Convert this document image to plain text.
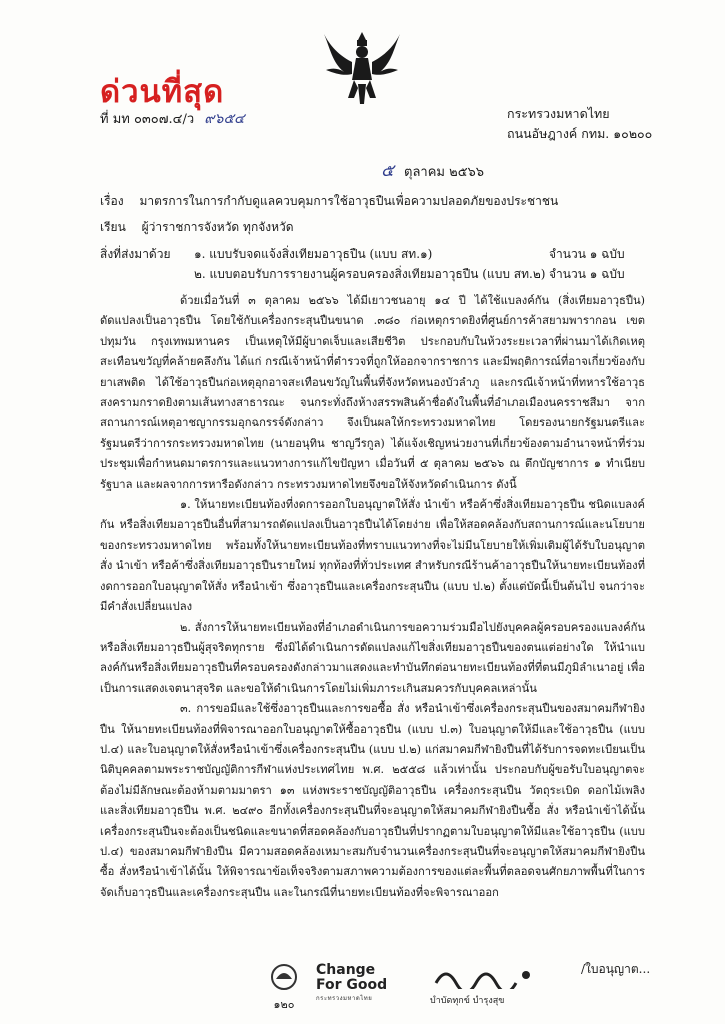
ด่วนที่สุด
ที่ มท ๐๓๐๗.๔/ว ๙๖๕๔	กระทรวงมหาดไทย
ถนนอัษฎางค์ กทม. ๑๐๒๐๐
๕ ตุลาคม ๒๕๖๖
เรื่อง มาตรการในการกำกับดูแลควบคุมการใช้อาวุธปืนเพื่อความปลอดภัยของประชาชน
เรียน ผู้ว่าราชการจังหวัด ทุกจังหวัด
สิ่งที่ส่งมาด้วย ๑. แบบรับจดแจ้งสิ่งเทียมอาวุธปืน (แบบ สท.๑)	จำนวน ๑ ฉบับ
๒. แบบตอบรับการรายงานผู้ครอบครองสิ่งเทียมอาวุธปืน (แบบ สท.๒) จำนวน ๑ ฉบับ

ด้วยเมื่อวันที่ ๓ ตุลาคม ๒๕๖๖ ได้มีเยาวชนอายุ ๑๔ ปี ได้ใช้แบลงค์กัน (สิ่งเทียมอาวุธปืน) ดัดแปลงเป็นอาวุธปืน โดยใช้กับเครื่องกระสุนปืนขนาด .๓๘๐ ก่อเหตุกราดยิงที่ศูนย์การค้าสยามพารากอน เขตปทุมวัน กรุงเทพมหานคร เป็นเหตุให้มีผู้บาดเจ็บและเสียชีวิต ประกอบกับในห้วงระยะเวลาที่ผ่านมาได้เกิดเหตุสะเทือนขวัญที่คล้ายคลึงกัน ได้แก่ กรณีเจ้าหน้าที่ตำรวจที่ถูกให้ออกจากราชการ และมีพฤติการณ์ที่อาจเกี่ยวข้องกับยาเสพติด ได้ใช้อาวุธปืนก่อเหตุอุกอาจสะเทือนขวัญในพื้นที่จังหวัดหนองบัวลำภู และกรณีเจ้าหน้าที่ทหารใช้อาวุธสงครามกราดยิงตามเส้นทางสาธารณะ จนกระทั่งถึงห้างสรรพสินค้าชื่อดังในพื้นที่อำเภอเมืองนครราชสีมา จากสถานการณ์เหตุอาชญากรรมอุกฉกรรจ์ดังกล่าว จึงเป็นผลให้กระทรวงมหาดไทย โดยรองนายกรัฐมนตรีและรัฐมนตรีว่าการกระทรวงมหาดไทย (นายอนุทิน ชาญวีรกูล) ได้แจ้งเชิญหน่วยงานที่เกี่ยวข้องตามอำนาจหน้าที่ร่วมประชุมเพื่อกำหนดมาตรการและแนวทางการแก้ไขปัญหา เมื่อวันที่ ๕ ตุลาคม ๒๕๖๖ ณ ตึกบัญชาการ ๑ ทำเนียบรัฐบาล และผลจากการหารือดังกล่าว กระทรวงมหาดไทยจึงขอให้จังหวัดดำเนินการ ดังนี้

๑. ให้นายทะเบียนท้องที่งดการออกใบอนุญาตให้สั่ง นำเข้า หรือค้าซึ่งสิ่งเทียมอาวุธปืน ชนิดแบลงค์กัน หรือสิ่งเทียมอาวุธปืนอื่นที่สามารถดัดแปลงเป็นอาวุธปืนได้โดยง่าย เพื่อให้สอดคล้องกับสถานการณ์และนโยบายของกระทรวงมหาดไทย พร้อมทั้งให้นายทะเบียนท้องที่ทราบแนวทางที่จะไม่มีนโยบายให้เพิ่มเติมผู้ได้รับใบอนุญาต สั่ง นำเข้า หรือค้าซึ่งสิ่งเทียมอาวุธปืนรายใหม่ ทุกท้องที่ทั่วประเทศ สำหรับกรณีร้านค้าอาวุธปืนให้นายทะเบียนท้องที่งดการออกใบอนุญาตให้สั่ง หรือนำเข้า ซึ่งอาวุธปืนและเครื่องกระสุนปืน (แบบ ป.๒) ตั้งแต่บัดนี้เป็นต้นไป จนกว่าจะมีคำสั่งเปลี่ยนแปลง

๒. สั่งการให้นายทะเบียนท้องที่อำเภอดำเนินการขอความร่วมมือไปยังบุคคลผู้ครอบครองแบลงค์กันหรือสิ่งเทียมอาวุธปืนผู้สุจริตทุกราย ซึ่งมิได้ดำเนินการดัดแปลงแก้ไขสิ่งเทียมอาวุธปืนของตนแต่อย่างใด ให้นำแบลงค์กันหรือสิ่งเทียมอาวุธปืนที่ครอบครองดังกล่าวมาแสดงและทำบันทึกต่อนายทะเบียนท้องที่ที่ตนมีภูมิลำเนาอยู่ เพื่อเป็นการแสดงเจตนาสุจริต และขอให้ดำเนินการโดยไม่เพิ่มภาระเกินสมควรกับบุคคลเหล่านั้น

๓. การขอมีและใช้ซึ่งอาวุธปืนและการขอซื้อ สั่ง หรือนำเข้าซึ่งเครื่องกระสุนปืนของสมาคมกีฬายิงปืน ให้นายทะเบียนท้องที่พิจารณาออกใบอนุญาตให้ซื้ออาวุธปืน (แบบ ป.๓) ใบอนุญาตให้มีและใช้อาวุธปืน (แบบ ป.๔) และใบอนุญาตให้สั่งหรือนำเข้าซึ่งเครื่องกระสุนปืน (แบบ ป.๒) แก่สมาคมกีฬายิงปืนที่ได้รับการจดทะเบียนเป็นนิติบุคคลตามพระราชบัญญัติการกีฬาแห่งประเทศไทย พ.ศ. ๒๕๕๘ แล้วเท่านั้น ประกอบกับผู้ขอรับใบอนุญาตจะต้องไม่มีลักษณะต้องห้ามตามมาตรา ๑๓ แห่งพระราชบัญญัติอาวุธปืน เครื่องกระสุนปืน วัตถุระเบิด ดอกไม้เพลิง และสิ่งเทียมอาวุธปืน พ.ศ. ๒๔๙๐ อีกทั้งเครื่องกระสุนปืนที่จะอนุญาตให้สมาคมกีฬายิงปืนซื้อ สั่ง หรือนำเข้าได้นั้น เครื่องกระสุนปืนจะต้องเป็นชนิดและขนาดที่สอดคล้องกับอาวุธปืนที่ปรากฏตามใบอนุญาตให้มีและใช้อาวุธปืน (แบบ ป.๔) ของสมาคมกีฬายิงปืน มีความสอดคล้องเหมาะสมกับจำนวนเครื่องกระสุนปืนที่จะอนุญาตให้สมาคมกีฬายิงปืนซื้อ สั่งหรือนำเข้าได้นั้น ให้พิจารณาข้อเท็จจริงตามสภาพความต้องการของแต่ละพื้นที่ตลอดจนศักยภาพพื้นที่ในการจัดเก็บอาวุธปืนและเครื่องกระสุนปืน และในกรณีที่นายทะเบียนท้องที่จะพิจารณาออก

/ใบอนุญาต...
๑๒๐
Change
For Good
กระทรวงมหาดไทย	บำบัดทุกข์ บำรุงสุข
